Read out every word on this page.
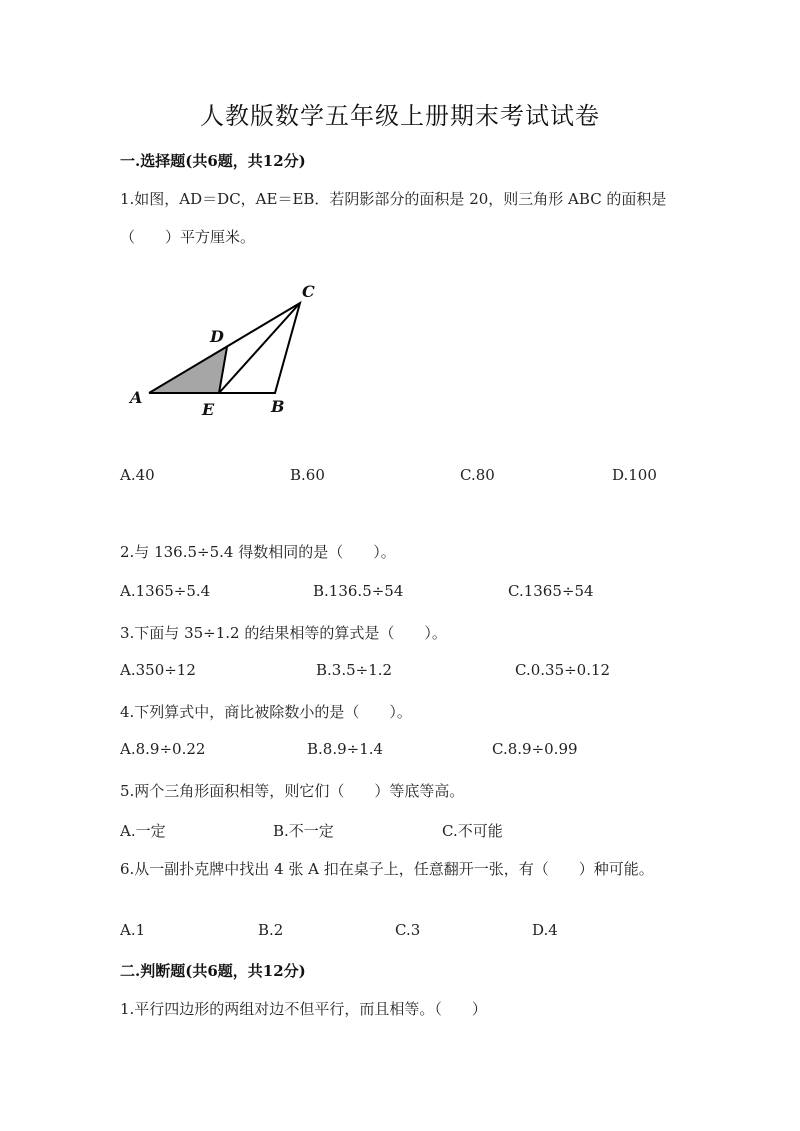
人教版数学五年级上册期末考试试卷
一.选择题(共6题，共12分)
1.如图，AD＝DC，AE＝EB．若阴影部分的面积是 20，则三角形 ABC 的面积是
（　　）平方厘米。
A	B
C
D
E
A.40	B.60	C.80	D.100
2.与 136.5÷5.4 得数相同的是（　　）。
A.1365÷5.4	B.136.5÷54	C.1365÷54
3.下面与 35÷1.2 的结果相等的算式是（　　）。
A.350÷12	B.3.5÷1.2	C.0.35÷0.12
4.下列算式中，商比被除数小的是（　　）。
A.8.9÷0.22	B.8.9÷1.4	C.8.9÷0.99
5.两个三角形面积相等，则它们（　　）等底等高。
A.一定	B.不一定	C.不可能
6.从一副扑克牌中找出 4 张 A 扣在桌子上，任意翻开一张，有（　　）种可能。
A.1	B.2	C.3	D.4
二.判断题(共6题，共12分)
1.平行四边形的两组对边不但平行，而且相等。（　　）
